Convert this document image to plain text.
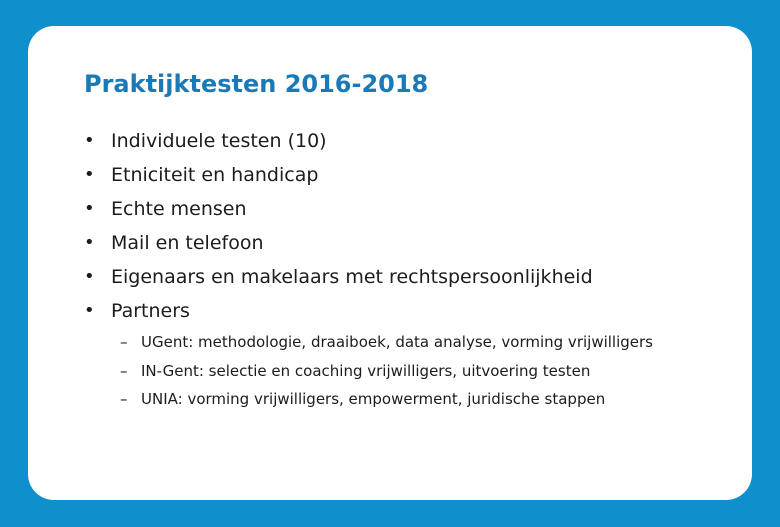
Praktijktesten 2016-2018
• Individuele testen (10)
• Etniciteit en handicap
• Echte mensen
• Mail en telefoon
• Eigenaars en makelaars met rechtspersoonlijkheid
• Partners
– UGent: methodologie, draaiboek, data analyse, vorming vrijwilligers
– IN-Gent: selectie en coaching vrijwilligers, uitvoering testen
– UNIA: vorming vrijwilligers, empowerment, juridische stappen
